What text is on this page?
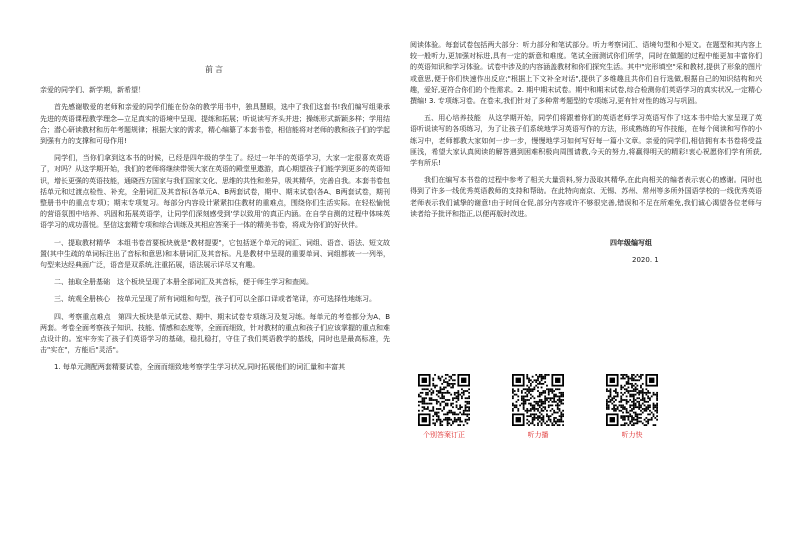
前言

亲爱的同学们、新学期，新希望！

首先感谢敬爱的老师和亲爱的同学们能在份杂的教学用书中，独具慧眼，选中了我们这套书!我们编写组秉承先进的英语课程教学理念—立足真实的语境中呈现、提练和拓展；听说读写齐头并进；操练形式新颖多样；学用结合；潜心研读教材和历年考题规律；根据大家的需求，精心编纂了本套书卷，相信能将对老师的教和孩子们的学起到强有力的支撑和可母作用!

同学们，当你们拿到这本书的时候，已经是四年级的学生了。经过一年半的英语学习，大家一定很喜欢英语了，对吗？从这学期开始，我们的老师将继续带领大家在英语的殿堂里遨游，真心期望孩子们能学到更多的英语知识，增长更强的英语技能，通晓西方国家与我们国家文化、思维的共性和差异，吸其精华，完善自我。本套书卷包括单元和过渡点检性、补充，全册词汇及其音标(各单元A、B两套试卷，期中、期末试卷(各A、B两套试卷，期刊整册书中的重点专项)；期末专项复习。每部分内容设计紧紧扣住教材的重难点，围绕你们生活实际。在轻松愉悦的营语氛围中培养、巩固和拓展英语学，让同学们深刻感受到'学以致用'的真正内涵。在自学自测的过程中体味英语学习的成功喜悦。坚信这套精专项和综合训练及其相应答案于一体的精美书卷，将成为你们的好伙伴。

一、提取教材精华　本组书卷首要板块就是"教材提要"，它包括逐个单元的词汇、词组、语音、语法、短文故置(其中生疏的单词标注出了音标和意思)和本册词汇及其音标。凡是教材中呈现的重要单词、词组都被一一列举，句型来达经典面广泛，语音是双系统,注重拓展，语法展示详尽又有趣。

二、抽取全册基础　这个板块呈现了本册全部词汇及其音标，便于师生学习和查阅。

三、统观全册核心　按单元呈现了所有词组和句型，孩子们可以全部口译或者笔译，亦可选择性地练习。

四、考察重点难点　第四大板块是单元试卷、期中、期末试卷专项练习及复习练。每单元的考卷都分为A、B两套。考卷全面考察孩子知识、技能、情感和态度等，全面而细致，针对教材的重点和孩子们应该掌握的重点和难点设计的。室牢夯实了孩子们英语学习的基础，稳扎稳打，守住了我们英语教学的基线，同时也是最高标准，先击"实在"，方能后"灵活"。

1. 每单元测配两套精要试卷，全面而细致地考察学生学习状况,同时拓展他们的词汇量和丰富其

阅读体验。每套试卷包括两大部分：听力部分和笔试部分。听力考察词汇、语境句型和小短文。在题型和其内容上较一般听力,更加强对标进,具有一定的新意和难度。笔试全面测试你们所学，同时在做题的过程中能更加丰富你们的英语知识和学习体验。试卷中涉及的内容涵盖教材和你们探究生活。其中"完形填空"采和教材,提供了形象的图片或意思,便于你们快速作出反应;"根据上下文补全对话",提供了多维趣且共你们自行选做,根据自己的知识结构和兴趣，爱好,更符合你们的个性需求。2. 期中期末试卷。期中和期末试卷,综合检测你们英语学习的真实状况,一定精心撰编! 3. 专项练习卷。在卷末,我们针对了多种常考题型的专项练习,更有针对性的练习与巩固。

五、用心培养技能　从这学期开始，同学们将跟着你们的英语老师学习英语写作了!这本书中给大家呈现了英语听说读写的各项练习，为了让孩子们系统地学习英语写作的方法，形成熟练的写作技能，在每个阅读和写作的小练习中，老师都教大家如何一步一步，慢慢地学习如何写好每一篇小文章。亲爱的同学们,相信拥有本书卷将受益匪浅，希望大家认真阅读的解答遇到困难积极向周围请教,今天的努力,将赢得明天的精彩!衷心祝愿你们学有所获,学有所乐!

我们在编写本书卷的过程中参考了相关大量资料,努力汲取其精华,在此向相关的编者表示衷心的感谢。同时也得到了许多一线优秀英语教师的支持和帮助。在此特向南京、无锡、苏州、常州等多所外国语学校的一线优秀英语老师表示我们诚挚的谢意!由于时间仓促,部分内容或许不够很完善,错误和不足在所难免,我们诚心渴望各位老师与读者给予批评和指正,以便再版时改进。

四年级编写组
2020. 1
个别答案订正	听力播	听力快
